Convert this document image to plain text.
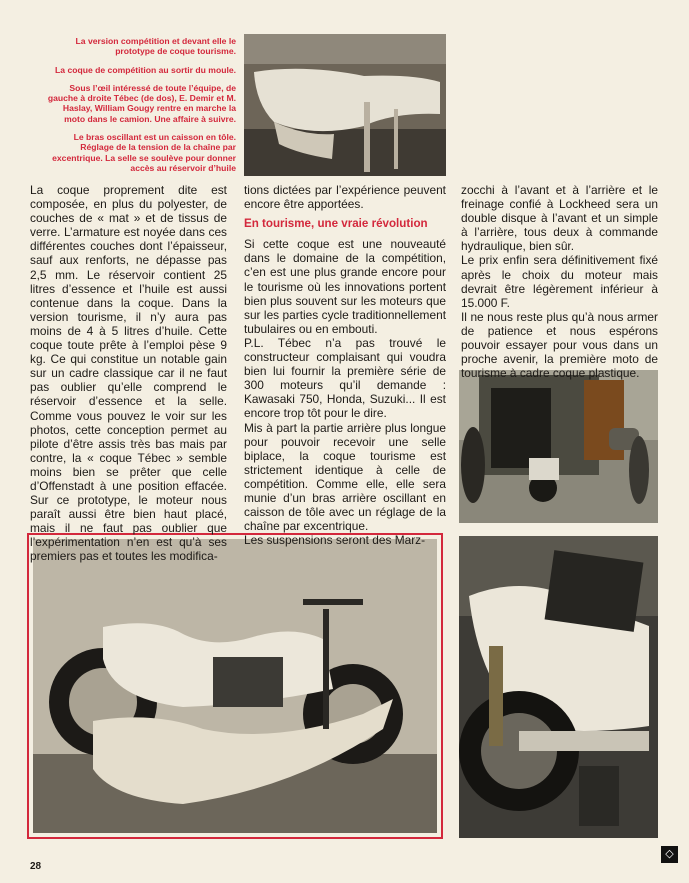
La version compétition et devant elle le prototype de coque tourisme.

La coque de compétition au sortir du moule.

Sous l’œil intéressé de toute l’équipe, de gauche à droite Tébec (de dos), E. Demir et M. Haslay, William Gougy rentre en marche la moto dans le camion. Une affaire à suivre.

Le bras oscillant est un caisson en tôle. Réglage de la tension de la chaîne par excentrique. La selle se soulève pour donner accès au réservoir d’huile

La coque proprement dite est composée, en plus du polyester, de couches de « mat » et de tissus de verre. L’armature est noyée dans ces différentes couches dont l’épaisseur, sauf aux renforts, ne dépasse pas 2,5 mm. Le réservoir contient 25 litres d’essence et l’huile est aussi contenue dans la coque. Dans la version tourisme, il n’y aura pas moins de 4 à 5 litres d’huile. Cette coque toute prête à l’emploi pèse 9 kg. Ce qui constitue un notable gain sur un cadre classique car il ne faut pas oublier qu’elle comprend le réservoir d’essence et la selle. Comme vous pouvez le voir sur les photos, cette conception permet au pilote d’être assis très bas mais par contre, la « coque Tébec » semble moins bien se prêter que celle d’Offenstadt à une position effacée. Sur ce prototype, le moteur nous paraît aussi être bien haut placé, mais il ne faut pas oublier que l’expérimentation n’en est qu’à ses premiers pas et toutes les modifica-

tions dictées par l’expérience peuvent encore être apportées.

En tourisme, une vraie révolution

Si cette coque est une nouveauté dans le domaine de la compétition, c’en est une plus grande encore pour le tourisme où les innovations portent bien plus souvent sur les moteurs que sur les parties cycle traditionnellement tubulaires ou en embouti.

P.L. Tébec n’a pas trouvé le constructeur complaisant qui voudra bien lui fournir la première série de 300 moteurs qu’il demande : Kawasaki 750, Honda, Suzuki... Il est encore trop tôt pour le dire.

Mis à part la partie arrière plus longue pour pouvoir recevoir une selle biplace, la coque tourisme est strictement identique à celle de compétition. Comme elle, elle sera munie d’un bras arrière oscillant en caisson de tôle avec un réglage de la chaîne par excentrique.

Les suspensions seront des Marz-

zocchi à l’avant et à l’arrière et le freinage confié à Lockheed sera un double disque à l’avant et un simple à l’arrière, tous deux à commande hydraulique, bien sûr.

Le prix enfin sera définitivement fixé après le choix du moteur mais devrait être légèrement inférieur à 15.000 F.

Il ne nous reste plus qu’à nous armer de patience et nous espérons pouvoir essayer pour vous dans un proche avenir, la première moto de tourisme à cadre coque plastique.

28
◇
